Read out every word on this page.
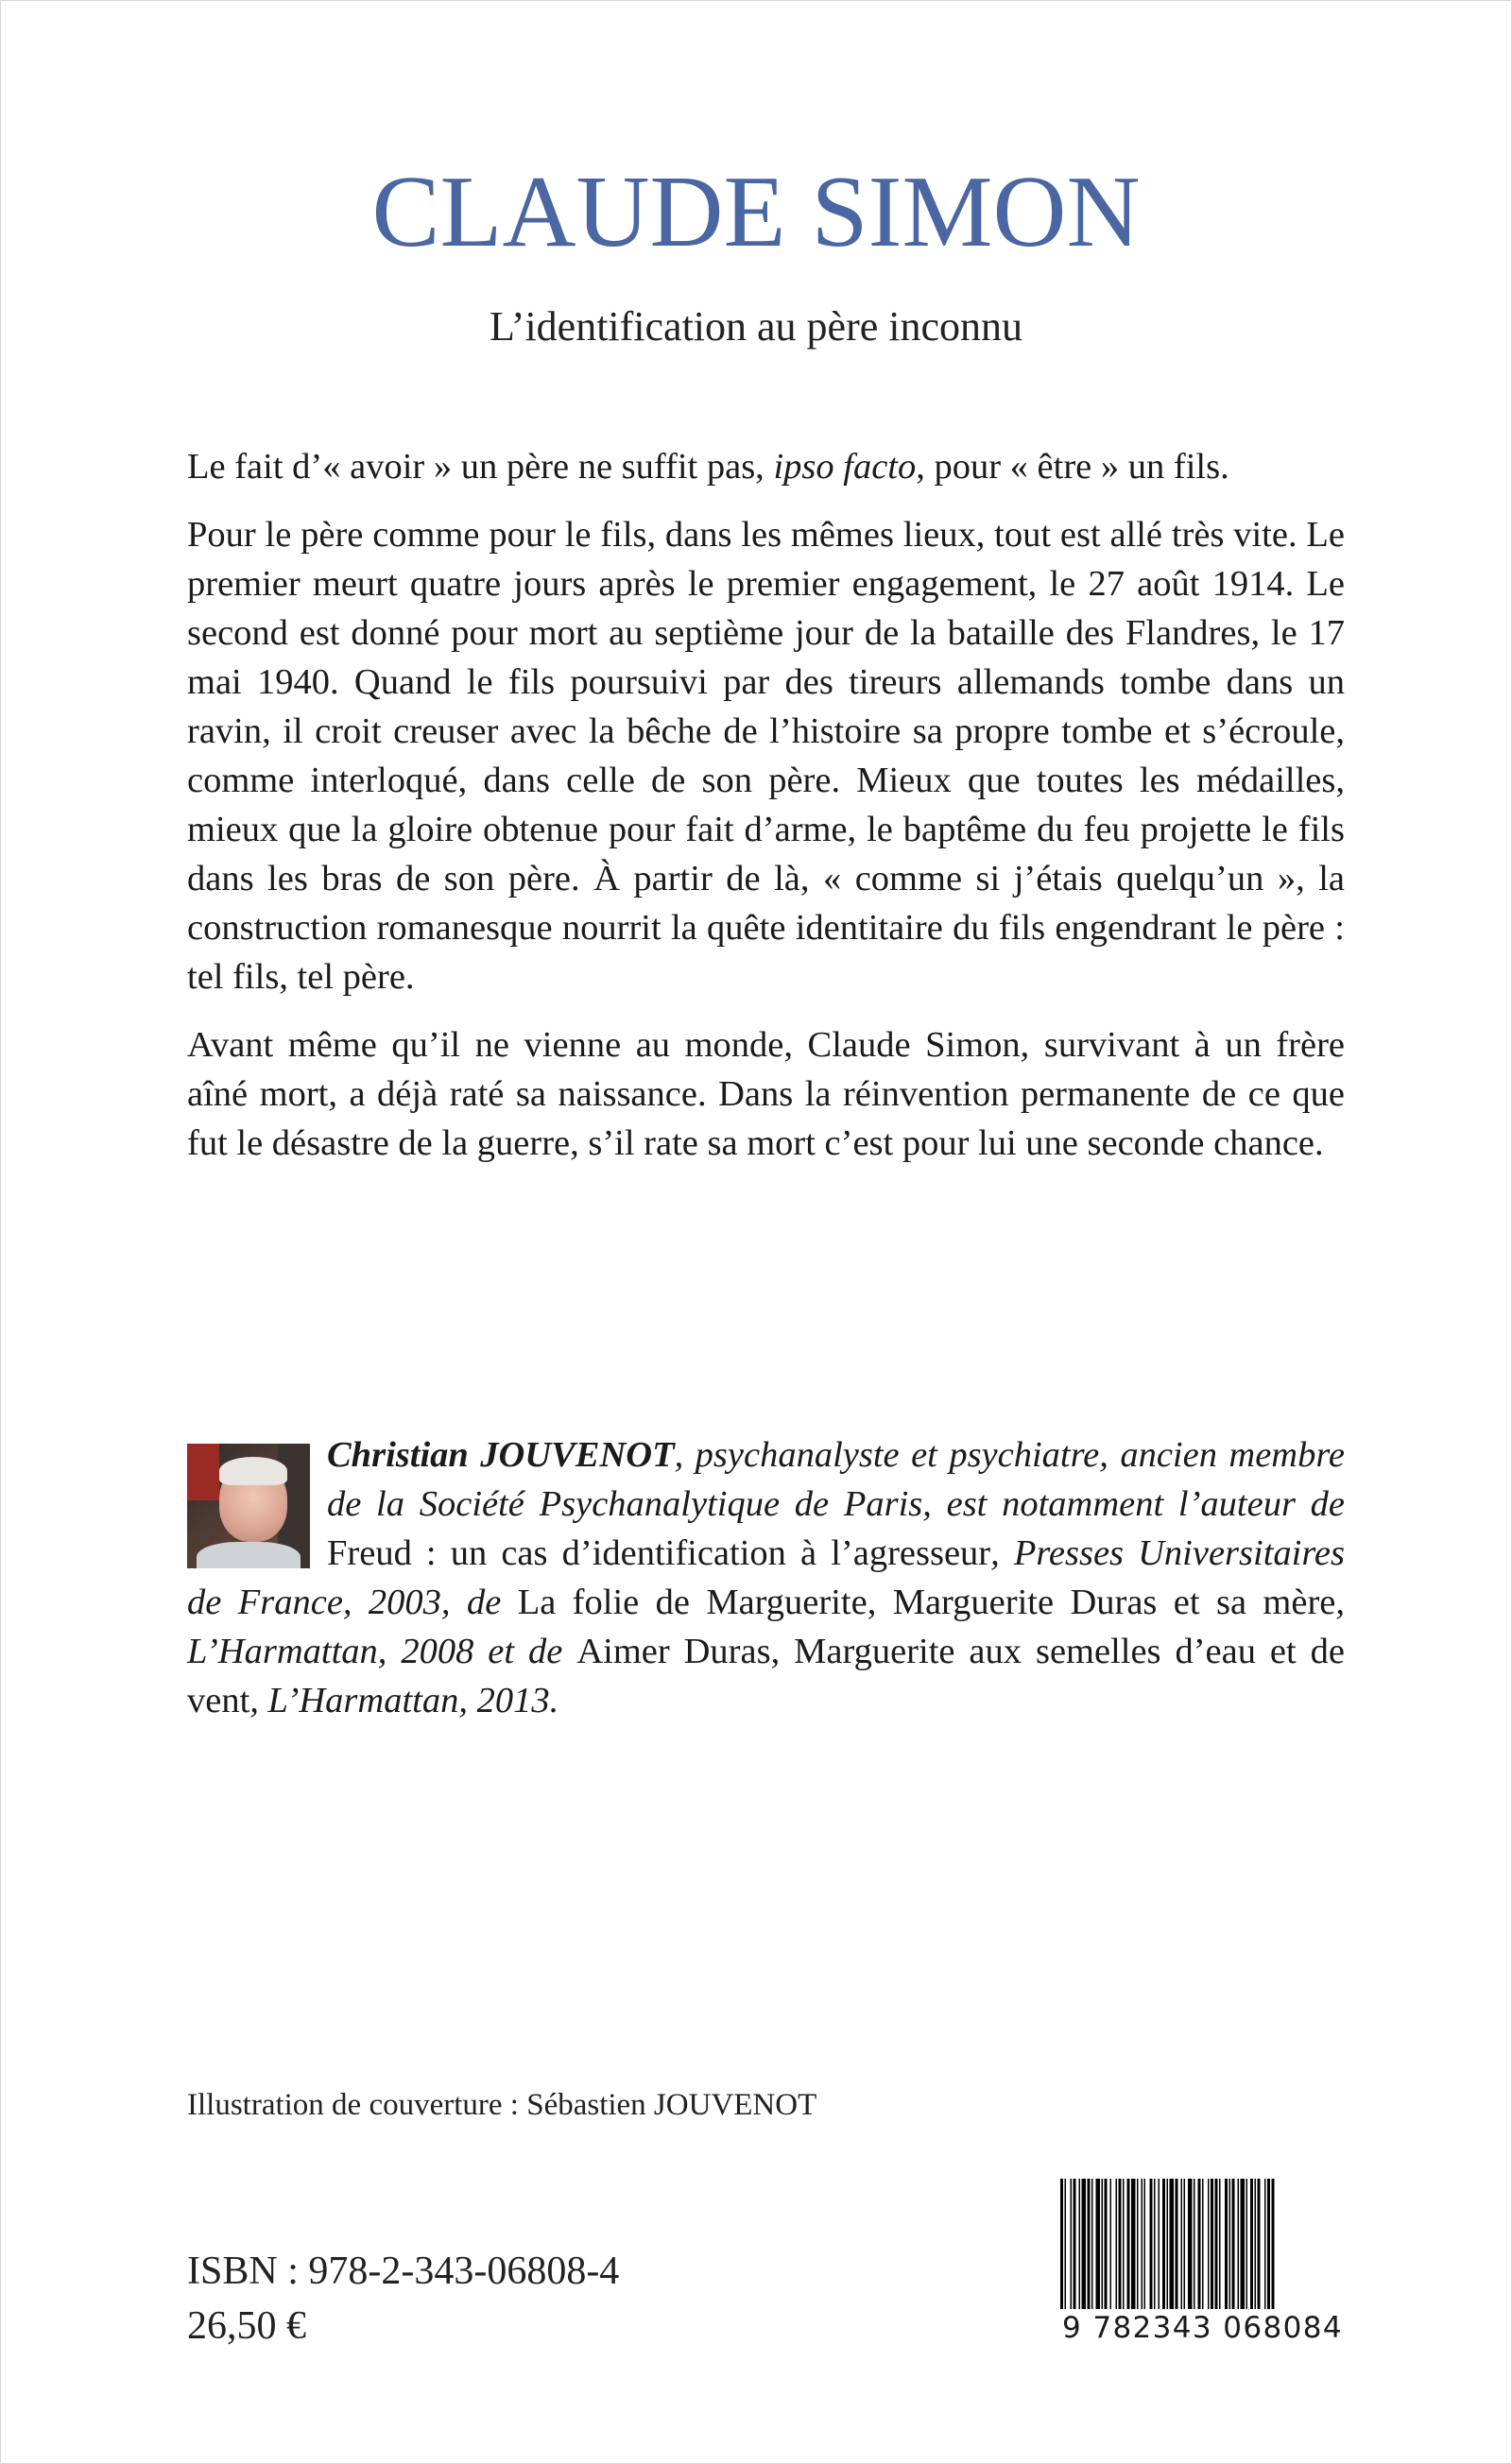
CLAUDE SIMON
L’identification au père inconnu

Le fait d’« avoir » un père ne suffit pas, ipso facto, pour « être » un fils.

Pour le père comme pour le fils, dans les mêmes lieux, tout est allé très vite. Le premier meurt quatre jours après le premier engagement, le 27 août 1914. Le second est donné pour mort au septième jour de la bataille des Flandres, le 17 mai 1940. Quand le fils poursuivi par des tireurs allemands tombe dans un ravin, il croit creuser avec la bêche de l’histoire sa propre tombe et s’écroule, comme interloqué, dans celle de son père. Mieux que toutes les médailles, mieux que la gloire obtenue pour fait d’arme, le baptême du feu projette le fils dans les bras de son père. À partir de là, « comme si j’étais quelqu’un », la construction romanesque nourrit la quête identitaire du fils engendrant le père : tel fils, tel père.

Avant même qu’il ne vienne au monde, Claude Simon, survivant à un frère aîné mort, a déjà raté sa naissance. Dans la réinvention permanente de ce que fut le désastre de la guerre, s’il rate sa mort c’est pour lui une seconde chance.

Christian JOUVENOT, psychanalyste et psychiatre, ancien membre de la Société Psychanalytique de Paris, est notamment l’auteur de Freud : un cas d’identification à l’agresseur, Presses Universitaires de France, 2003, de La folie de Marguerite, Marguerite Duras et sa mère, L’Harmattan, 2008 et de Aimer Duras, Marguerite aux semelles d’eau et de vent, L’Harmattan, 2013.
Illustration de couverture : Sébastien JOUVENOT
ISBN : 978-2-343-06808-4
26,50 €	9 782343 068084
